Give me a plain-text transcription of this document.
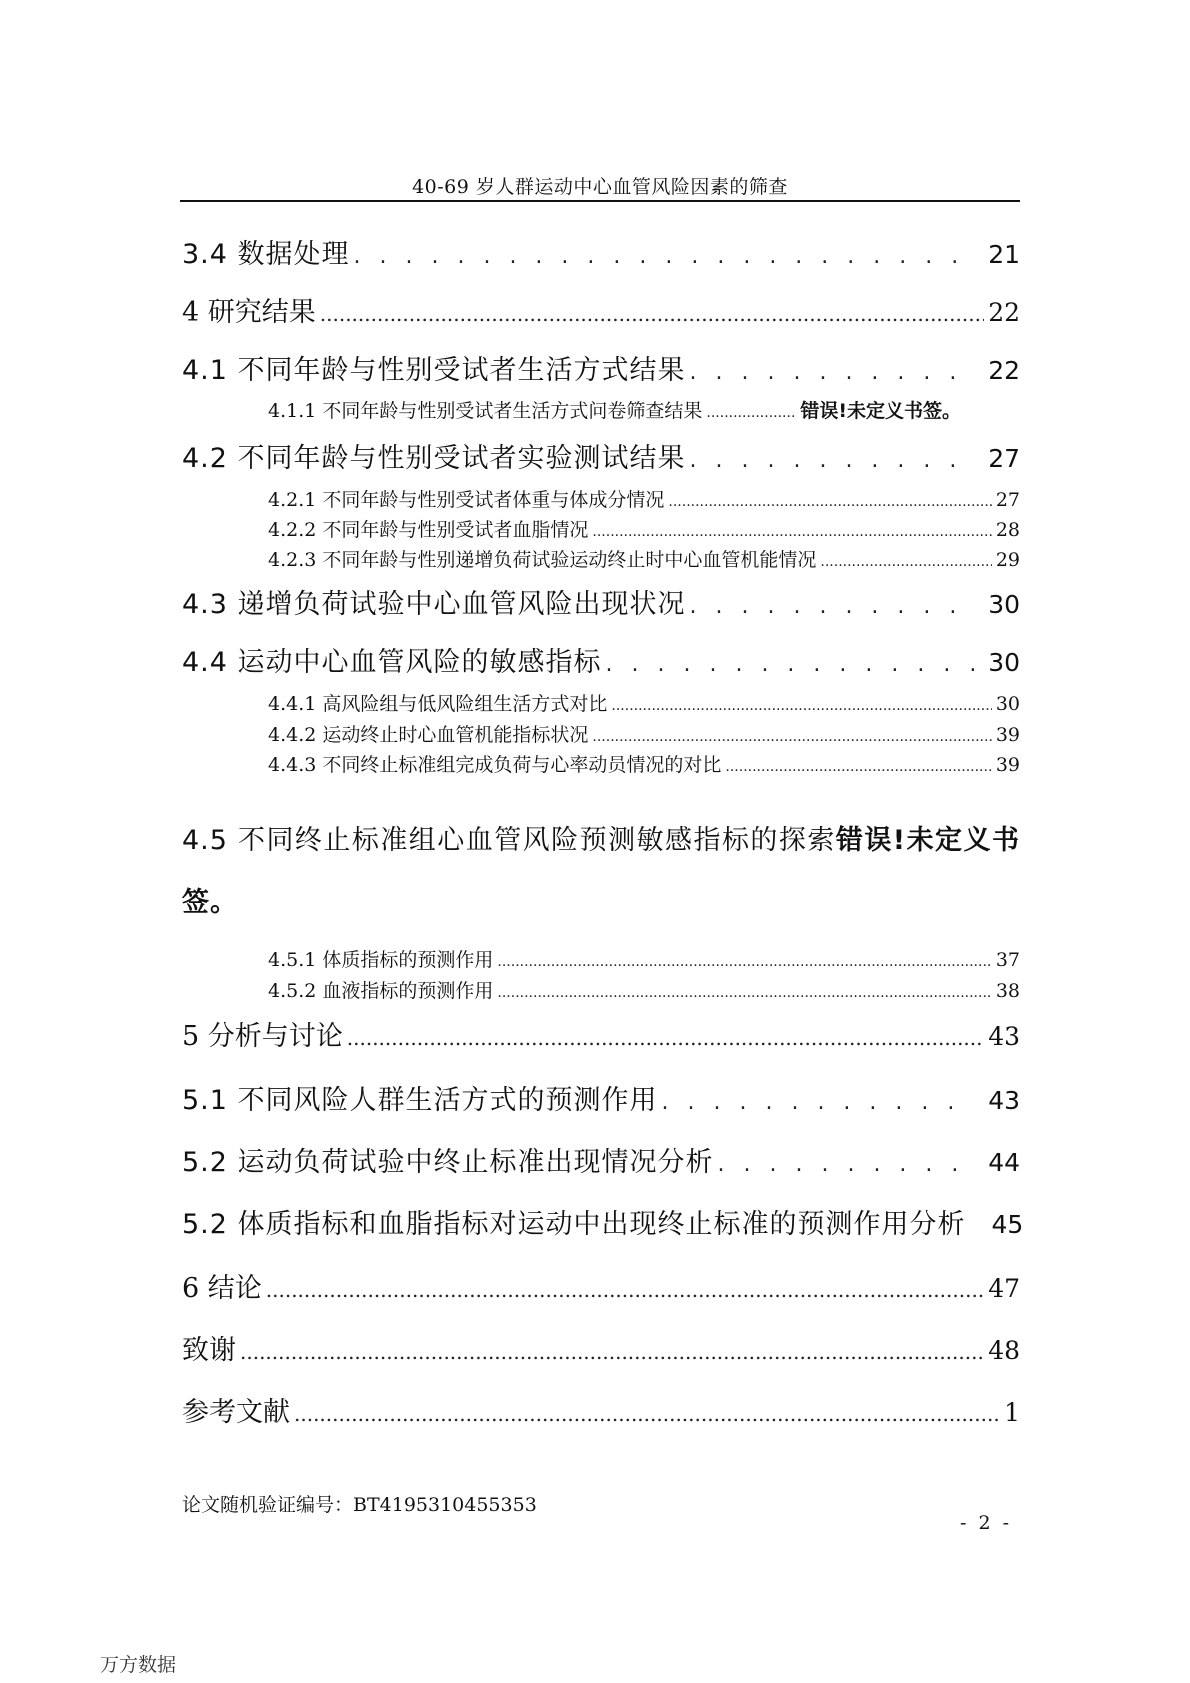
40-69 岁人群运动中心血管风险因素的筛查
3.4 数据处理 . . .	21
4 研究结果 .....	22
4.1 不同年龄与性别受试者生活方式结果 . . .	22
4.1.1 不同年龄与性别受试者生活方式问卷筛查结果 .....	错误!未定义书签。
4.2 不同年龄与性别受试者实验测试结果 . . .	27
4.2.1 不同年龄与性别受试者体重与体成分情况 .....	27
4.2.2 不同年龄与性别受试者血脂情况 .....	28
4.2.3 不同年龄与性别递增负荷试验运动终止时中心血管机能情况 .....	29
4.3 递增负荷试验中心血管风险出现状况 . . .	30
4.4 运动中心血管风险的敏感指标 . . .	30
4.4.1 高风险组与低风险组生活方式对比 .....	30
4.4.2 运动终止时心血管机能指标状况 .....	39
4.4.3 不同终止标准组完成负荷与心率动员情况的对比 .....	39
4.5 不同终止标准组心血管风险预测敏感指标的探索错误!未定义书签。
4.5.1 体质指标的预测作用 .....	37
4.5.2 血液指标的预测作用 .....	38
5 分析与讨论 .....	43
5.1 不同风险人群生活方式的预测作用 . . .	43
5.2 运动负荷试验中终止标准出现情况分析 . . .	44
5.2 体质指标和血脂指标对运动中出现终止标准的预测作用分析 45
6 结论 .....	47
致谢 .....	48
参考文献 .....	1
论文随机验证编号：BT4195310455353
- 2 -
万方数据
